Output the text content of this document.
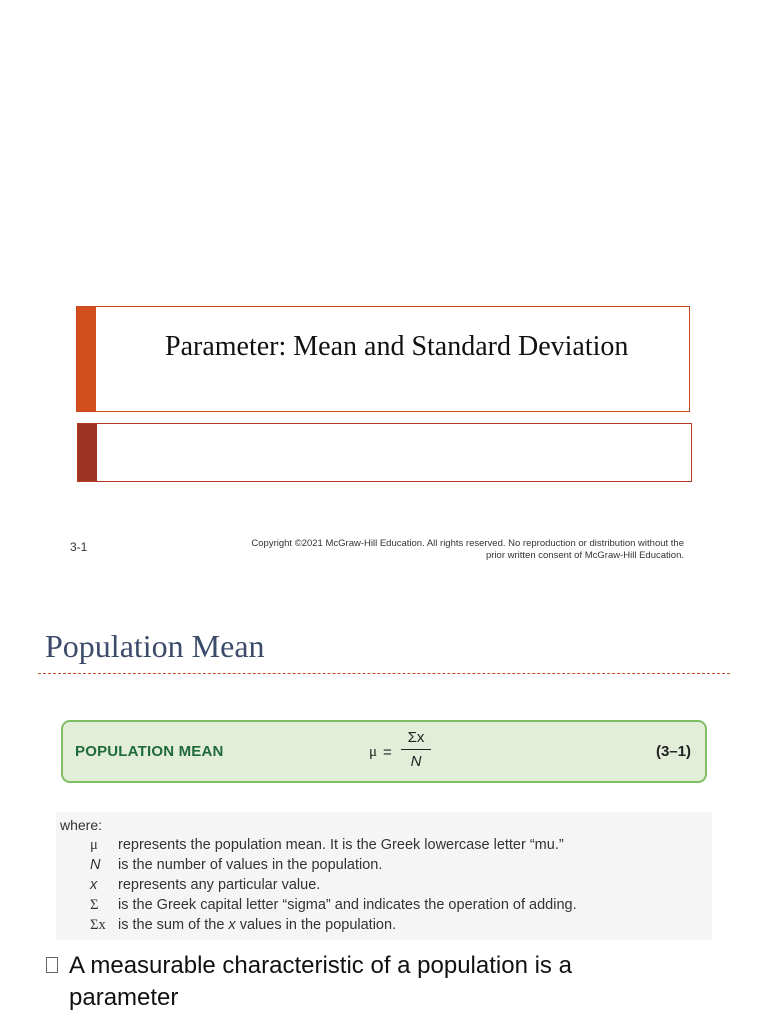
Parameter: Mean and Standard Deviation
3-1	Copyright ©2021 McGraw-Hill Education. All rights reserved. No reproduction or distribution without the
prior written consent of McGraw-Hill Education.
Population Mean
POPULATION MEAN	μ =
Σx
N
(3–1)
where:
μ represents the population mean. It is the Greek lowercase letter “mu.”
N is the number of values in the population.
x represents any particular value.
Σ is the Greek capital letter “sigma” and indicates the operation of adding.
Σx is the sum of the x values in the population.
A measurable characteristic of a population is a parameter
